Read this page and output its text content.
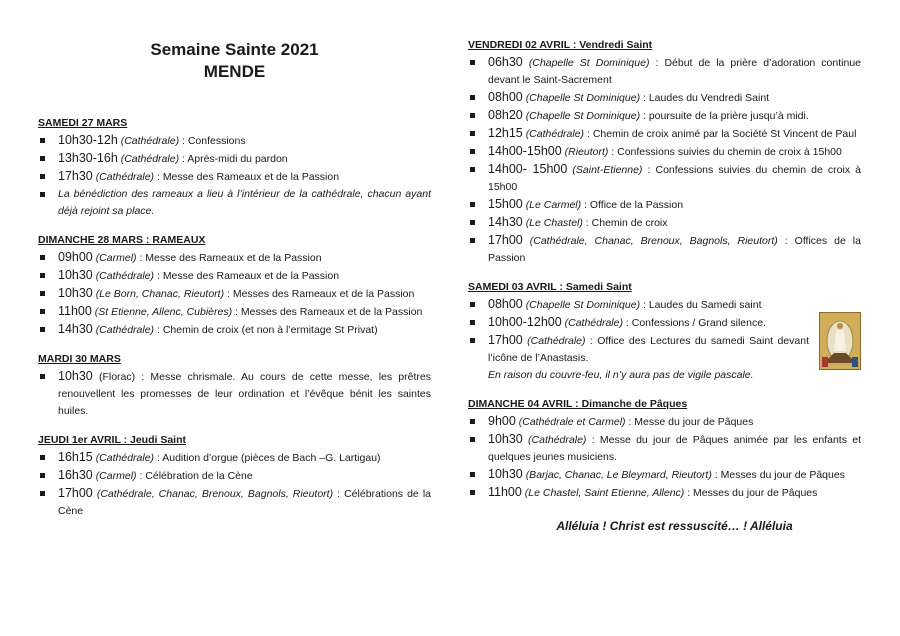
Semaine Sainte 2021
MENDE
SAMEDI 27 MARS
10h30-12h (Cathédrale) : Confessions
13h30-16h (Cathédrale) : Après-midi du pardon
17h30 (Cathédrale) : Messe des Rameaux et de la Passion
La bénédiction des rameaux a lieu à l’intérieur de la cathédrale, chacun ayant déjà rejoint sa place.
DIMANCHE 28 MARS : RAMEAUX
09h00 (Carmel) : Messe des Rameaux et de la Passion
10h30 (Cathédrale) : Messe des Rameaux et de la Passion
10h30 (Le Born, Chanac, Rieutort) : Messes des Rameaux et de la Passion
11h00 (St Etienne, Allenc, Cubières) : Messes des Rameaux et de la Passion
14h30 (Cathédrale) : Chemin de croix (et non à l’ermitage St Privat)
MARDI 30 MARS
10h30 (Florac) : Messe chrismale. Au cours de cette messe, les prêtres renouvellent les promesses de leur ordination et l’évêque bénit les saintes huiles.
JEUDI 1er AVRIL : Jeudi Saint
16h15 (Cathédrale) : Audition d’orgue (pièces de Bach –G. Lartigau)
16h30 (Carmel) : Célébration de la Cène
17h00 (Cathédrale, Chanac, Brenoux, Bagnols, Rieutort) : Célébrations de la Cène
VENDREDI 02 AVRIL : Vendredi Saint
06h30 (Chapelle St Dominique) : Début de la prière d’adoration continue devant le Saint-Sacrement
08h00 (Chapelle St Dominique) : Laudes du Vendredi Saint
08h20 (Chapelle St Dominique) : poursuite de la prière jusqu’à midi.
12h15 (Cathédrale) : Chemin de croix animé par la Société St Vincent de Paul
14h00-15h00 (Rieutort) : Confessions suivies du chemin de croix à 15h00
14h00- 15h00 (Saint-Etienne) : Confessions suivies du chemin de croix à 15h00
15h00 (Le Carmel) : Office de la Passion
14h30 (Le Chastel) : Chemin de croix
17h00 (Cathédrale, Chanac, Brenoux, Bagnols, Rieutort) : Offices de la Passion
SAMEDI 03 AVRIL : Samedi Saint
08h00 (Chapelle St Dominique) : Laudes du Samedi saint
10h00-12h00 (Cathédrale) : Confessions / Grand silence.
17h00 (Cathédrale) : Office des Lectures du samedi Saint devant l’icône de l’Anastasis.
En raison du couvre-feu, il n’y aura pas de vigile pascale.
DIMANCHE 04 AVRIL : Dimanche de Pâques
9h00 (Cathédrale et Carmel) : Messe du jour de Pâques
10h30 (Cathédrale) : Messe du jour de Pâques animée par les enfants et quelques jeunes musiciens.
10h30 (Barjac, Chanac, Le Bleymard, Rieutort) : Messes du jour de Pâques
11h00 (Le Chastel, Saint Etienne, Allenc) : Messes du jour de Pâques
Alléluia ! Christ est ressuscité… ! Alléluia
